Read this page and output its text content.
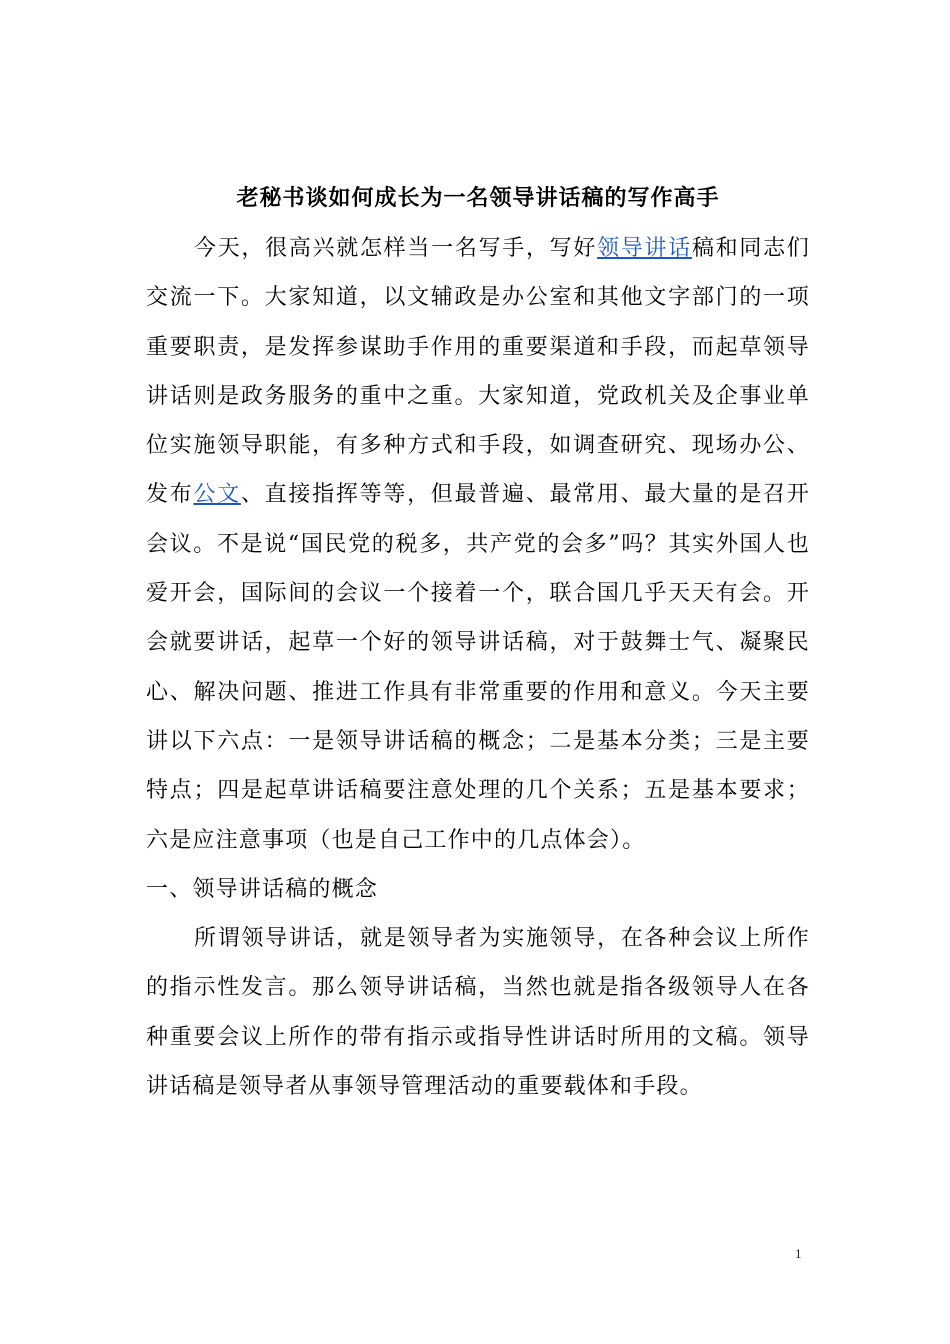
老秘书谈如何成长为一名领导讲话稿的写作高手

今天，很高兴就怎样当一名写手，写好领导讲话稿和同志们交流一下。大家知道，以文辅政是办公室和其他文字部门的一项重要职责，是发挥参谋助手作用的重要渠道和手段，而起草领导讲话则是政务服务的重中之重。大家知道，党政机关及企事业单位实施领导职能，有多种方式和手段，如调查研究、现场办公、发布公文、直接指挥等等，但最普遍、最常用、最大量的是召开会议。不是说“国民党的税多，共产党的会多”吗？其实外国人也爱开会，国际间的会议一个接着一个，联合国几乎天天有会。开会就要讲话，起草一个好的领导讲话稿，对于鼓舞士气、凝聚民心、解决问题、推进工作具有非常重要的作用和意义。今天主要讲以下六点：一是领导讲话稿的概念；二是基本分类；三是主要特点；四是起草讲话稿要注意处理的几个关系；五是基本要求；六是应注意事项（也是自己工作中的几点体会）。

一、领导讲话稿的概念

所谓领导讲话，就是领导者为实施领导，在各种会议上所作的指示性发言。那么领导讲话稿，当然也就是指各级领导人在各种重要会议上所作的带有指示或指导性讲话时所用的文稿。领导讲话稿是领导者从事领导管理活动的重要载体和手段。

1
